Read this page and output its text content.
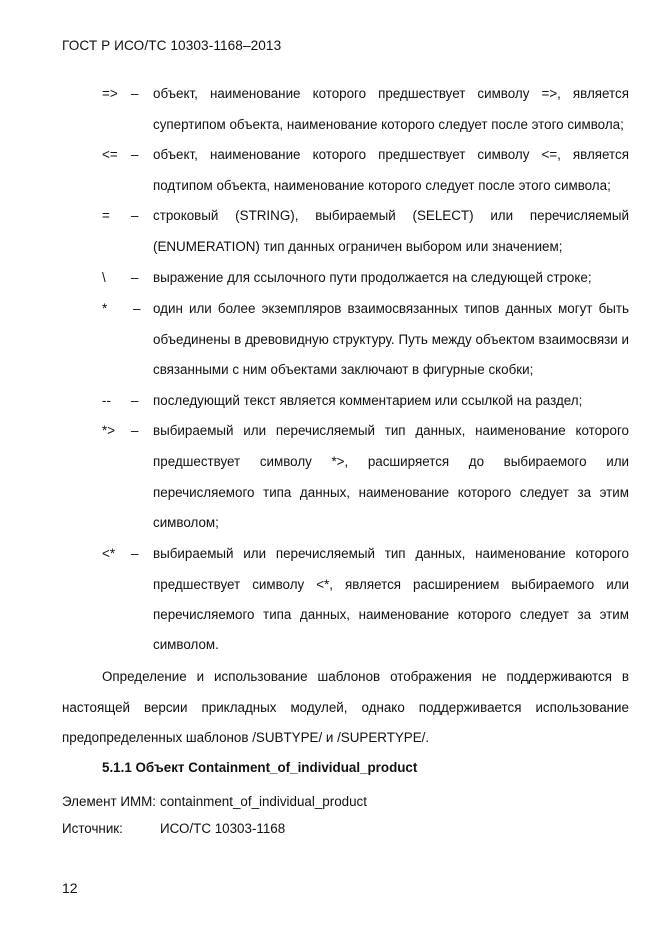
ГОСТ Р ИСО/ТС 10303-1168–2013
=> – объект, наименование которого предшествует символу =>, является
супертипом объекта, наименование которого следует после этого символа;
<= – объект, наименование которого предшествует символу <=, является
подтипом объекта, наименование которого следует после этого символа;
= – строковый (STRING), выбираемый (SELECT) или перечисляемый
(ENUMERATION) тип данных ограничен выбором или значением;
\ – выражение для ссылочного пути продолжается на следующей строке;
* – один или более экземпляров взаимосвязанных типов данных могут быть
объединены в древовидную структуру. Путь между объектом взаимосвязи и
связанными с ним объектами заключают в фигурные скобки;
-- – последующий текст является комментарием или ссылкой на раздел;
*> – выбираемый или перечисляемый тип данных, наименование которого
предшествует символу *>, расширяется до выбираемого или
перечисляемого типа данных, наименование которого следует за этим
символом;
<* – выбираемый или перечисляемый тип данных, наименование которого
предшествует символу <*, является расширением выбираемого или
перечисляемого типа данных, наименование которого следует за этим
символом.
Определение и использование шаблонов отображения не поддерживаются в
настоящей версии прикладных модулей, однако поддерживается использование
предопределенных шаблонов /SUBTYPE/ и /SUPERTYPE/.
5.1.1 Объект Containment_of_individual_product
Элемент ИММ: containment_of_individual_product
Источник:	ИСО/ТС 10303-1168
12
